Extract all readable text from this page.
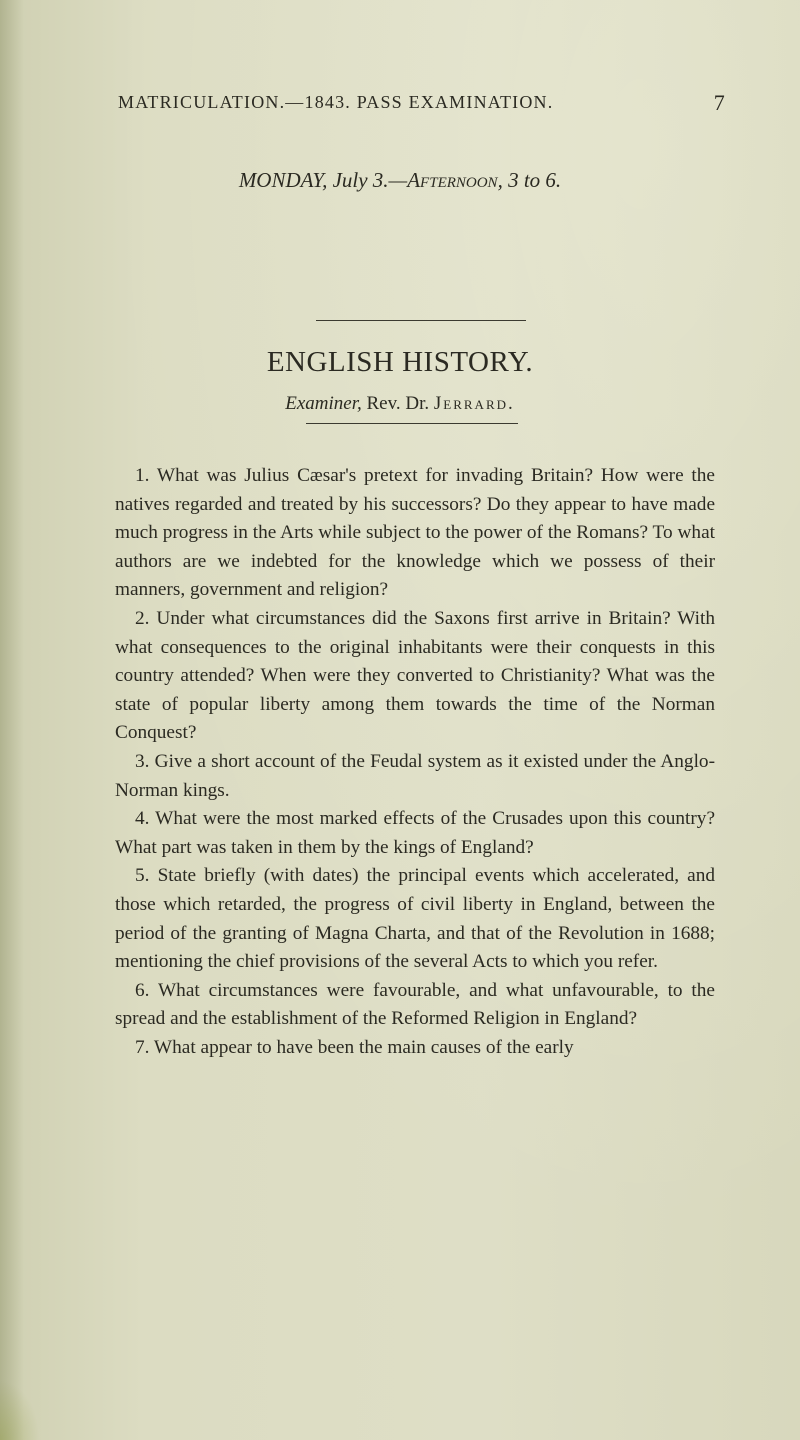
MATRICULATION.—1843. PASS EXAMINATION.	7
MONDAY, July 3.—Afternoon, 3 to 6.
ENGLISH HISTORY.
Examiner, Rev. Dr. Jerrard.

1. What was Julius Cæsar's pretext for invading Britain? How were the natives regarded and treated by his successors? Do they appear to have made much progress in the Arts while subject to the power of the Romans? To what authors are we indebted for the knowledge which we possess of their manners, government and religion?

2. Under what circumstances did the Saxons first arrive in Britain? With what consequences to the original inhabitants were their conquests in this country attended? When were they converted to Christianity? What was the state of popular liberty among them towards the time of the Norman Conquest?

3. Give a short account of the Feudal system as it existed under the Anglo-Norman kings.

4. What were the most marked effects of the Crusades upon this country? What part was taken in them by the kings of England?

5. State briefly (with dates) the principal events which accelerated, and those which retarded, the progress of civil liberty in England, between the period of the granting of Magna Charta, and that of the Revolution in 1688; mentioning the chief provisions of the several Acts to which you refer.

6. What circumstances were favourable, and what unfavourable, to the spread and the establishment of the Reformed Religion in England?

7. What appear to have been the main causes of the early
